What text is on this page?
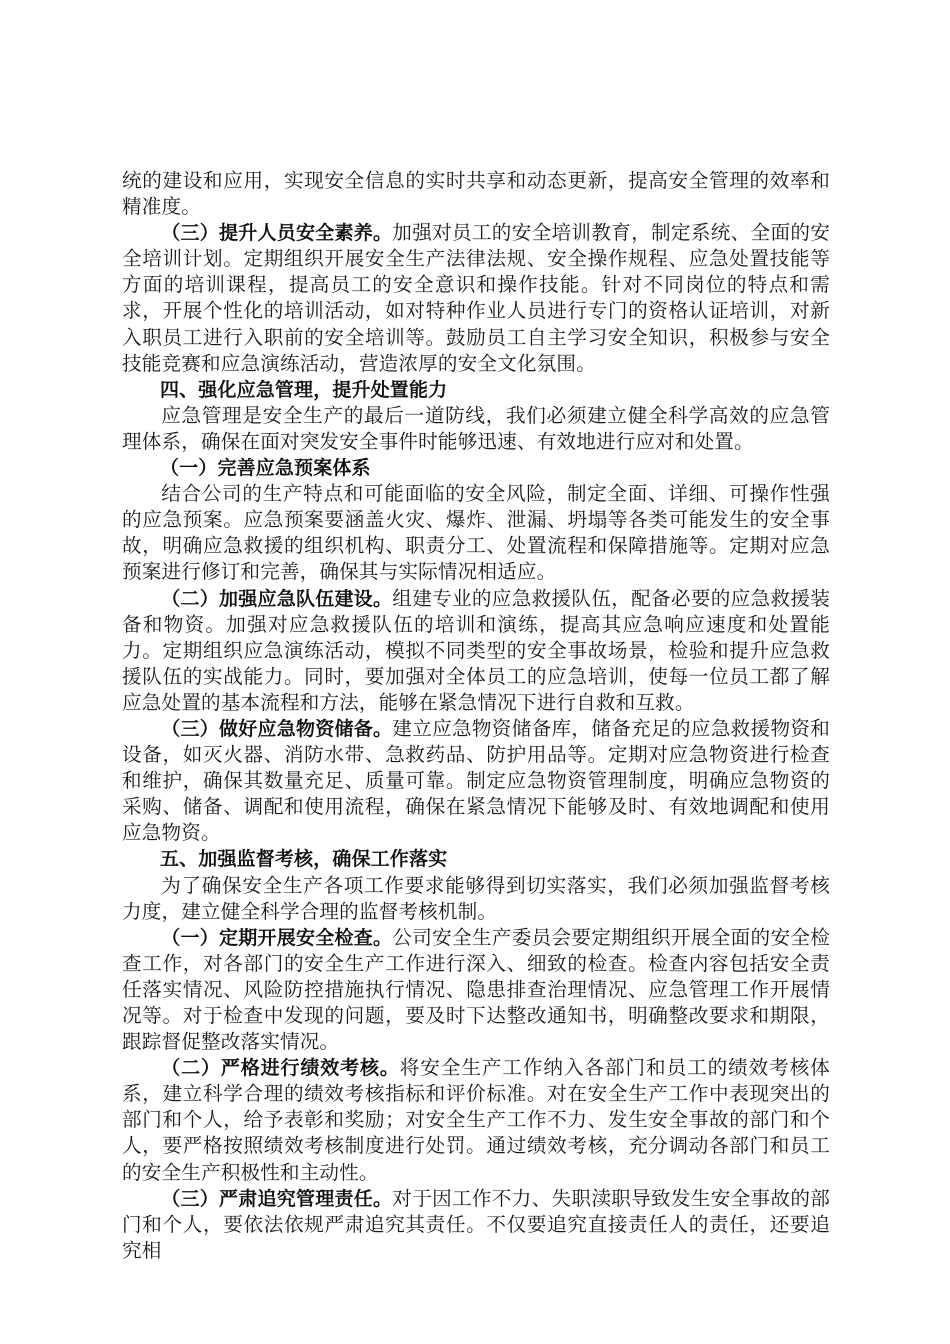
统的建设和应用，实现安全信息的实时共享和动态更新，提高安全管理的效率和精准度。

（三）提升人员安全素养。加强对员工的安全培训教育，制定系统、全面的安全培训计划。定期组织开展安全生产法律法规、安全操作规程、应急处置技能等方面的培训课程，提高员工的安全意识和操作技能。针对不同岗位的特点和需求，开展个性化的培训活动，如对特种作业人员进行专门的资格认证培训，对新入职员工进行入职前的安全培训等。鼓励员工自主学习安全知识，积极参与安全技能竞赛和应急演练活动，营造浓厚的安全文化氛围。

四、强化应急管理，提升处置能力

应急管理是安全生产的最后一道防线，我们必须建立健全科学高效的应急管理体系，确保在面对突发安全事件时能够迅速、有效地进行应对和处置。

（一）完善应急预案体系

结合公司的生产特点和可能面临的安全风险，制定全面、详细、可操作性强的应急预案。应急预案要涵盖火灾、爆炸、泄漏、坍塌等各类可能发生的安全事故，明确应急救援的组织机构、职责分工、处置流程和保障措施等。定期对应急预案进行修订和完善，确保其与实际情况相适应。

（二）加强应急队伍建设。组建专业的应急救援队伍，配备必要的应急救援装备和物资。加强对应急救援队伍的培训和演练，提高其应急响应速度和处置能力。定期组织应急演练活动，模拟不同类型的安全事故场景，检验和提升应急救援队伍的实战能力。同时，要加强对全体员工的应急培训，使每一位员工都了解应急处置的基本流程和方法，能够在紧急情况下进行自救和互救。

（三）做好应急物资储备。建立应急物资储备库，储备充足的应急救援物资和设备，如灭火器、消防水带、急救药品、防护用品等。定期对应急物资进行检查和维护，确保其数量充足、质量可靠。制定应急物资管理制度，明确应急物资的采购、储备、调配和使用流程，确保在紧急情况下能够及时、有效地调配和使用应急物资。

五、加强监督考核，确保工作落实

为了确保安全生产各项工作要求能够得到切实落实，我们必须加强监督考核力度，建立健全科学合理的监督考核机制。

（一）定期开展安全检查。公司安全生产委员会要定期组织开展全面的安全检查工作，对各部门的安全生产工作进行深入、细致的检查。检查内容包括安全责任落实情况、风险防控措施执行情况、隐患排查治理情况、应急管理工作开展情况等。对于检查中发现的问题，要及时下达整改通知书，明确整改要求和期限，跟踪督促整改落实情况。

（二）严格进行绩效考核。将安全生产工作纳入各部门和员工的绩效考核体系，建立科学合理的绩效考核指标和评价标准。对在安全生产工作中表现突出的部门和个人，给予表彰和奖励；对安全生产工作不力、发生安全事故的部门和个人，要严格按照绩效考核制度进行处罚。通过绩效考核，充分调动各部门和员工的安全生产积极性和主动性。

（三）严肃追究管理责任。对于因工作不力、失职渎职导致发生安全事故的部门和个人，要依法依规严肃追究其责任。不仅要追究直接责任人的责任，还要追究相
